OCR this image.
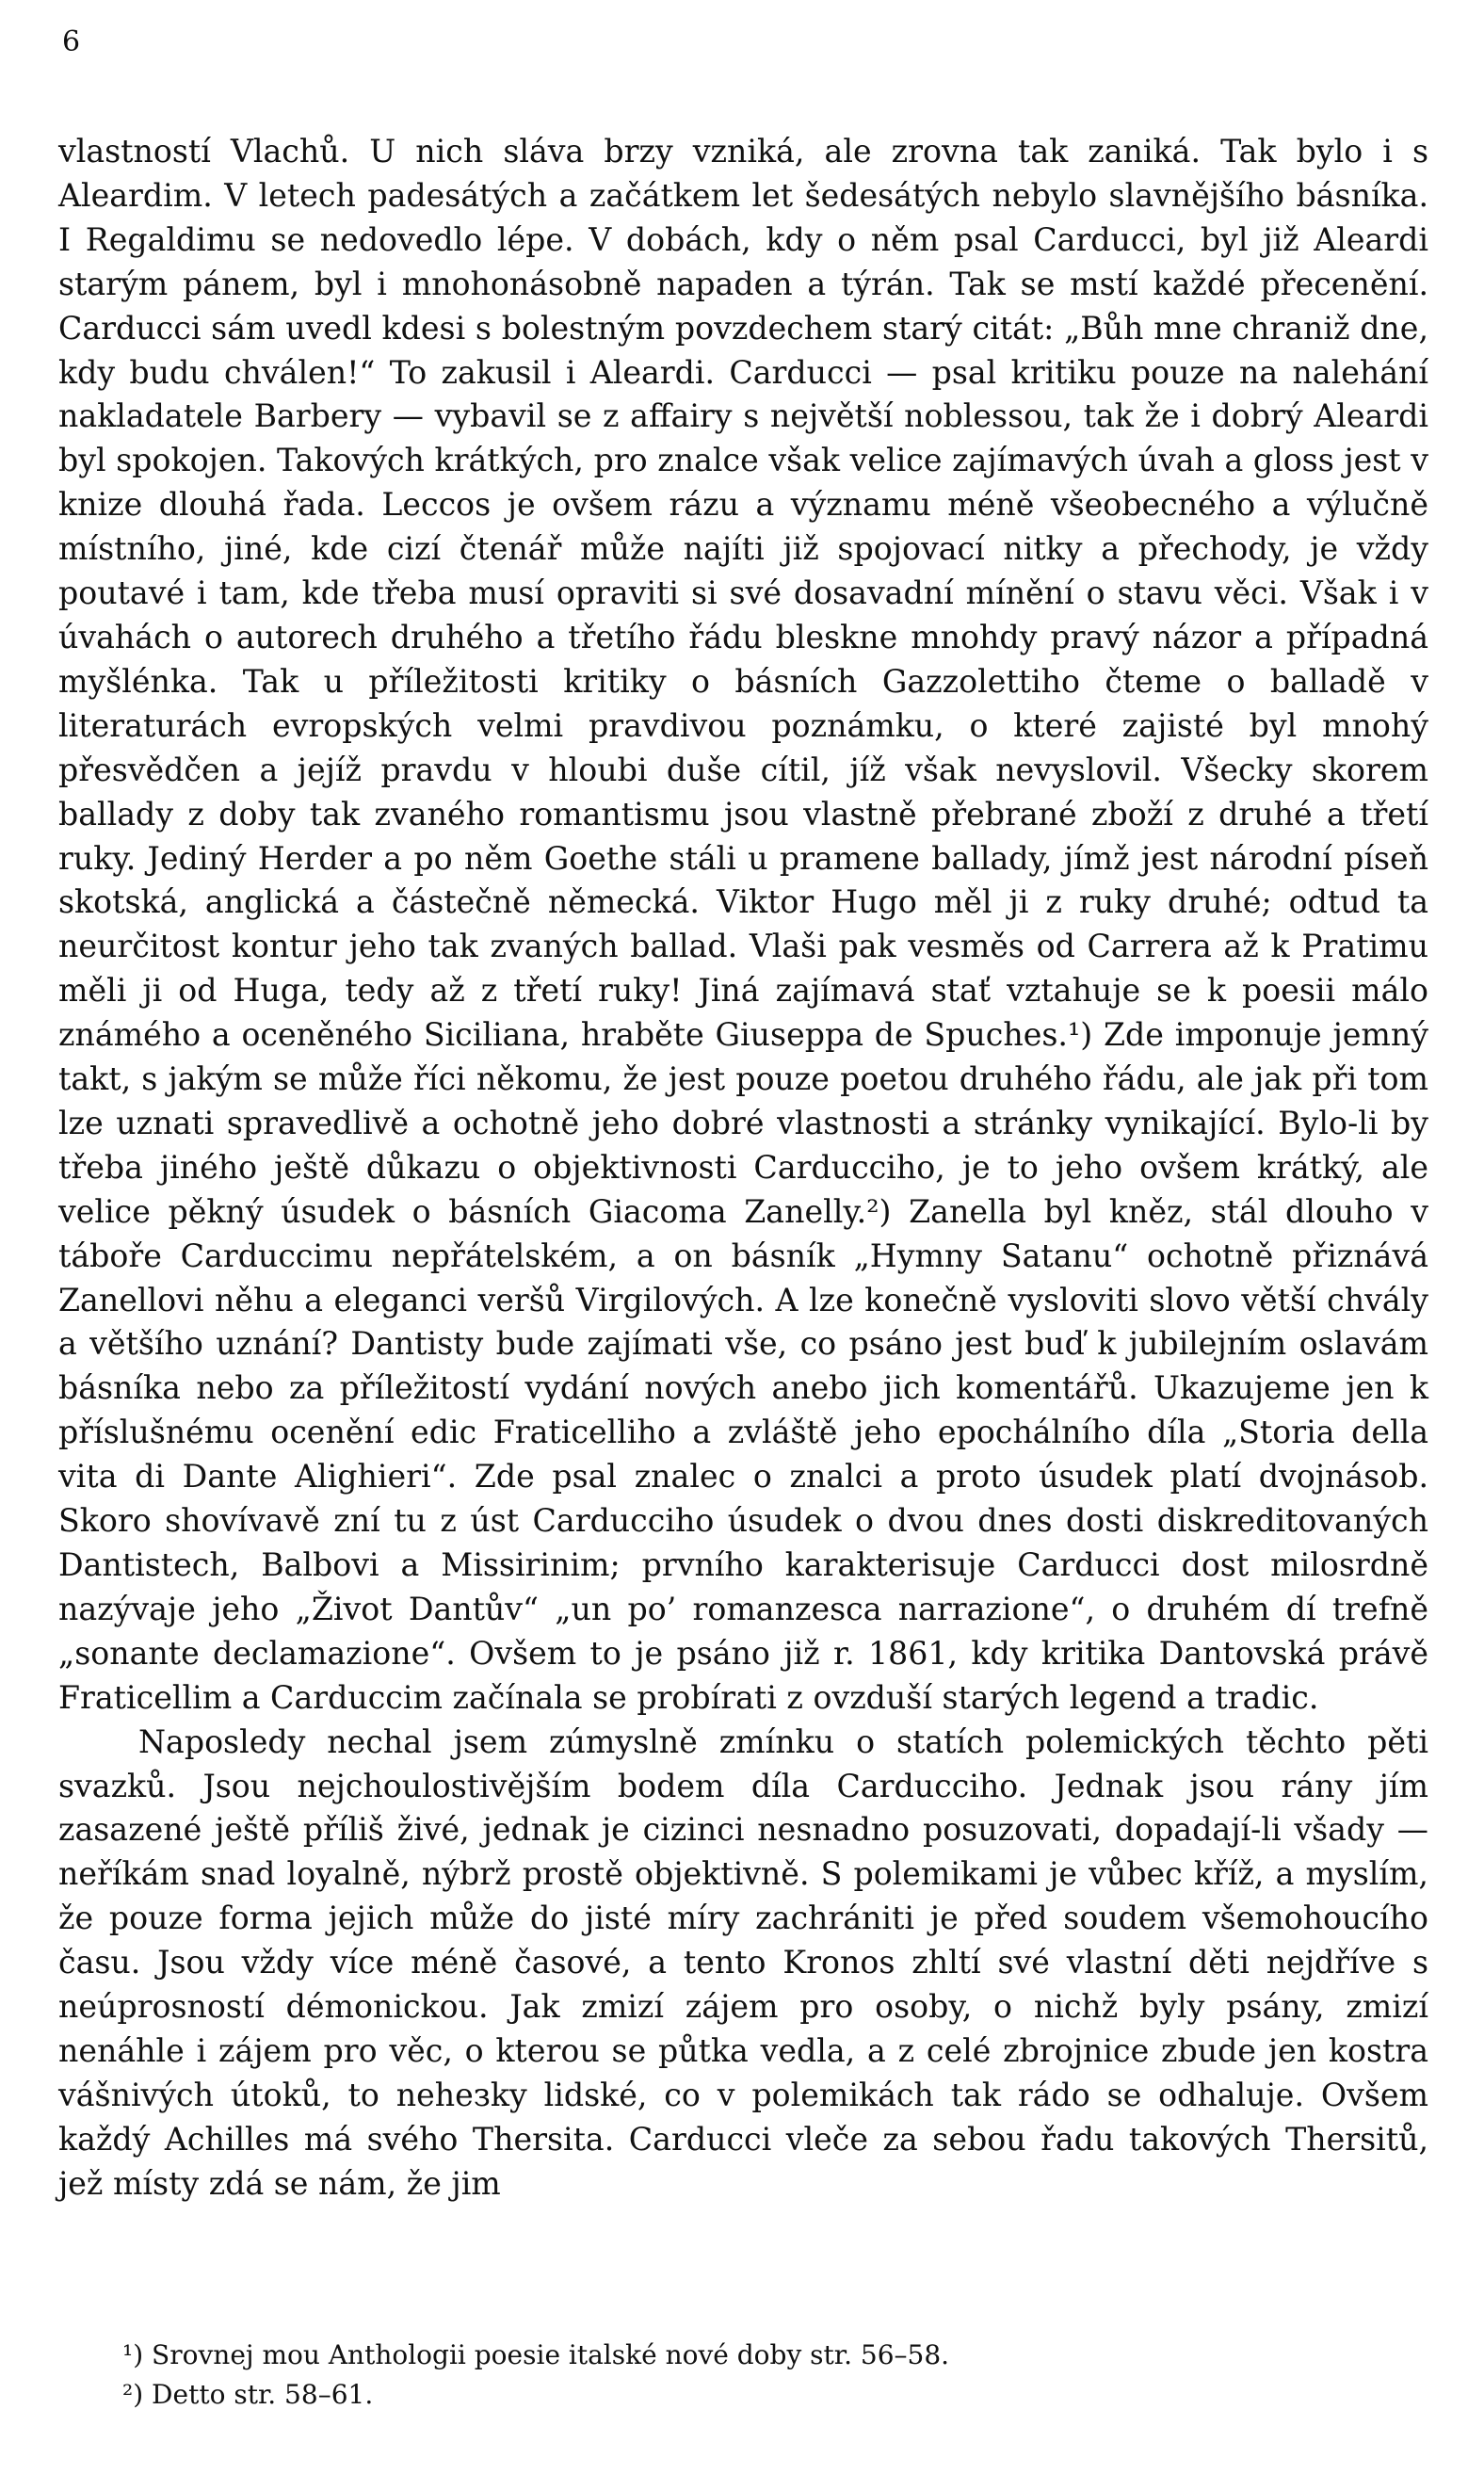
6

vlastností Vlachů. U nich sláva brzy vzniká, ale zrovna tak zaniká. Tak bylo i s Aleardim. V letech padesátých a začátkem let šedesátých nebylo slavnějšího básníka. I Regaldimu se nedovedlo lépe. V dobách, kdy o něm psal Carducci, byl již Aleardi starým pánem, byl i mnohonásobně napaden a týrán. Tak se mstí každé přecenění. Carducci sám uvedl kdesi s bolestným povzdechem starý citát: „Bůh mne chraniž dne, kdy budu chválen!“ To zakusil i Aleardi. Carducci — psal kritiku pouze na nalehání nakladatele Barbery — vybavil se z affairy s největší noblessou, tak že i dobrý Aleardi byl spokojen. Takových krátkých, pro znalce však velice zajímavých úvah a gloss jest v knize dlouhá řada. Leccos je ovšem rázu a významu méně všeobecného a výlučně místního, jiné, kde cizí čtenář může najíti již spojovací nitky a přechody, je vždy poutavé i tam, kde třeba musí opraviti si své dosavadní mínění o stavu věci. Však i v úvahách o autorech druhého a třetího řádu bleskne mnohdy pravý názor a případná myšlénka. Tak u příležitosti kritiky o básních Gazzolettiho čteme o balladě v literaturách evropských velmi pravdivou poznámku, o které zajisté byl mnohý přesvědčen a jejíž pravdu v hloubi duše cítil, jíž však nevyslovil. Všecky skorem ballady z doby tak zvaného romantismu jsou vlastně přebrané zboží z druhé a třetí ruky. Jediný Herder a po něm Goethe stáli u pramene ballady, jímž jest národní píseň skotská, anglická a částečně německá. Viktor Hugo měl ji z ruky druhé; odtud ta neurčitost kontur jeho tak zvaných ballad. Vlaši pak vesměs od Carrera až k Pratimu měli ji od Huga, tedy až z třetí ruky! Jiná zajímavá stať vztahuje se k poesii málo známého a oceněného Siciliana, hraběte Giuseppa de Spuches.¹) Zde imponuje jemný takt, s jakým se může říci někomu, že jest pouze poetou druhého řádu, ale jak při tom lze uznati spravedlivě a ochotně jeho dobré vlastnosti a stránky vynikající. Bylo-li by třeba jiného ještě důkazu o objektivnosti Carducciho, je to jeho ovšem krátký, ale velice pěkný úsudek o básních Giacoma Zanelly.²) Zanella byl kněz, stál dlouho v táboře Carduccimu nepřátelském, a on básník „Hymny Satanu“ ochotně přiznává Zanellovi něhu a eleganci veršů Virgilových. A lze konečně vysloviti slovo větší chvály a většího uznání? Dantisty bude zajímati vše, co psáno jest buď k jubilejním oslavám básníka nebo za příležitostí vydání nových anebo jich komentářů. Ukazujeme jen k příslušnému ocenění edic Fraticelliho a zvláště jeho epochálního díla „Storia della vita di Dante Alighieri“. Zde psal znalec o znalci a proto úsudek platí dvojnásob. Skoro shovívavě zní tu z úst Carducciho úsudek o dvou dnes dosti diskreditovaných Dantistech, Balbovi a Missirinim; prvního karakterisuje Carducci dost milosrdně nazývaje jeho „Život Dantův“ „un po’ romanzesca narrazione“, o druhém dí trefně „sonante declamazione“. Ovšem to je psáno již r. 1861, kdy kritika Dantovská právě Fraticellim a Carduccim začínala se probírati z ovzduší starých legend a tradic.

Naposledy nechal jsem zúmyslně zmínku o statích polemických těchto pěti svazků. Jsou nejchoulostivějším bodem díla Carducciho. Jednak jsou rány jím zasazené ještě příliš živé, jednak je cizinci nesnadno posuzovati, dopadají-li všady — neříkám snad loyalně, nýbrž prostě objektivně. S polemikami je vůbec kříž, a myslím, že pouze forma jejich může do jisté míry zachrániti je před soudem všemohoucího času. Jsou vždy více méně časové, a tento Kronos zhltí své vlastní děti nejdříve s neúprosností démonickou. Jak zmizí zájem pro osoby, o nichž byly psány, zmizí nenáhle i zájem pro věc, o kterou se půtka vedla, a z celé zbrojnice zbude jen kostra vášnivých útoků, to neheзky lidské, co v polemikách tak rádo se odhaluje. Ovšem každý Achilles má svého Thersita. Carducci vleče za sebou řadu takových Thersitů, jež místy zdá se nám, že jim

¹) Srovnej mou Anthologii poesie italské nové doby str. 56–58.
²) Detto str. 58–61.
